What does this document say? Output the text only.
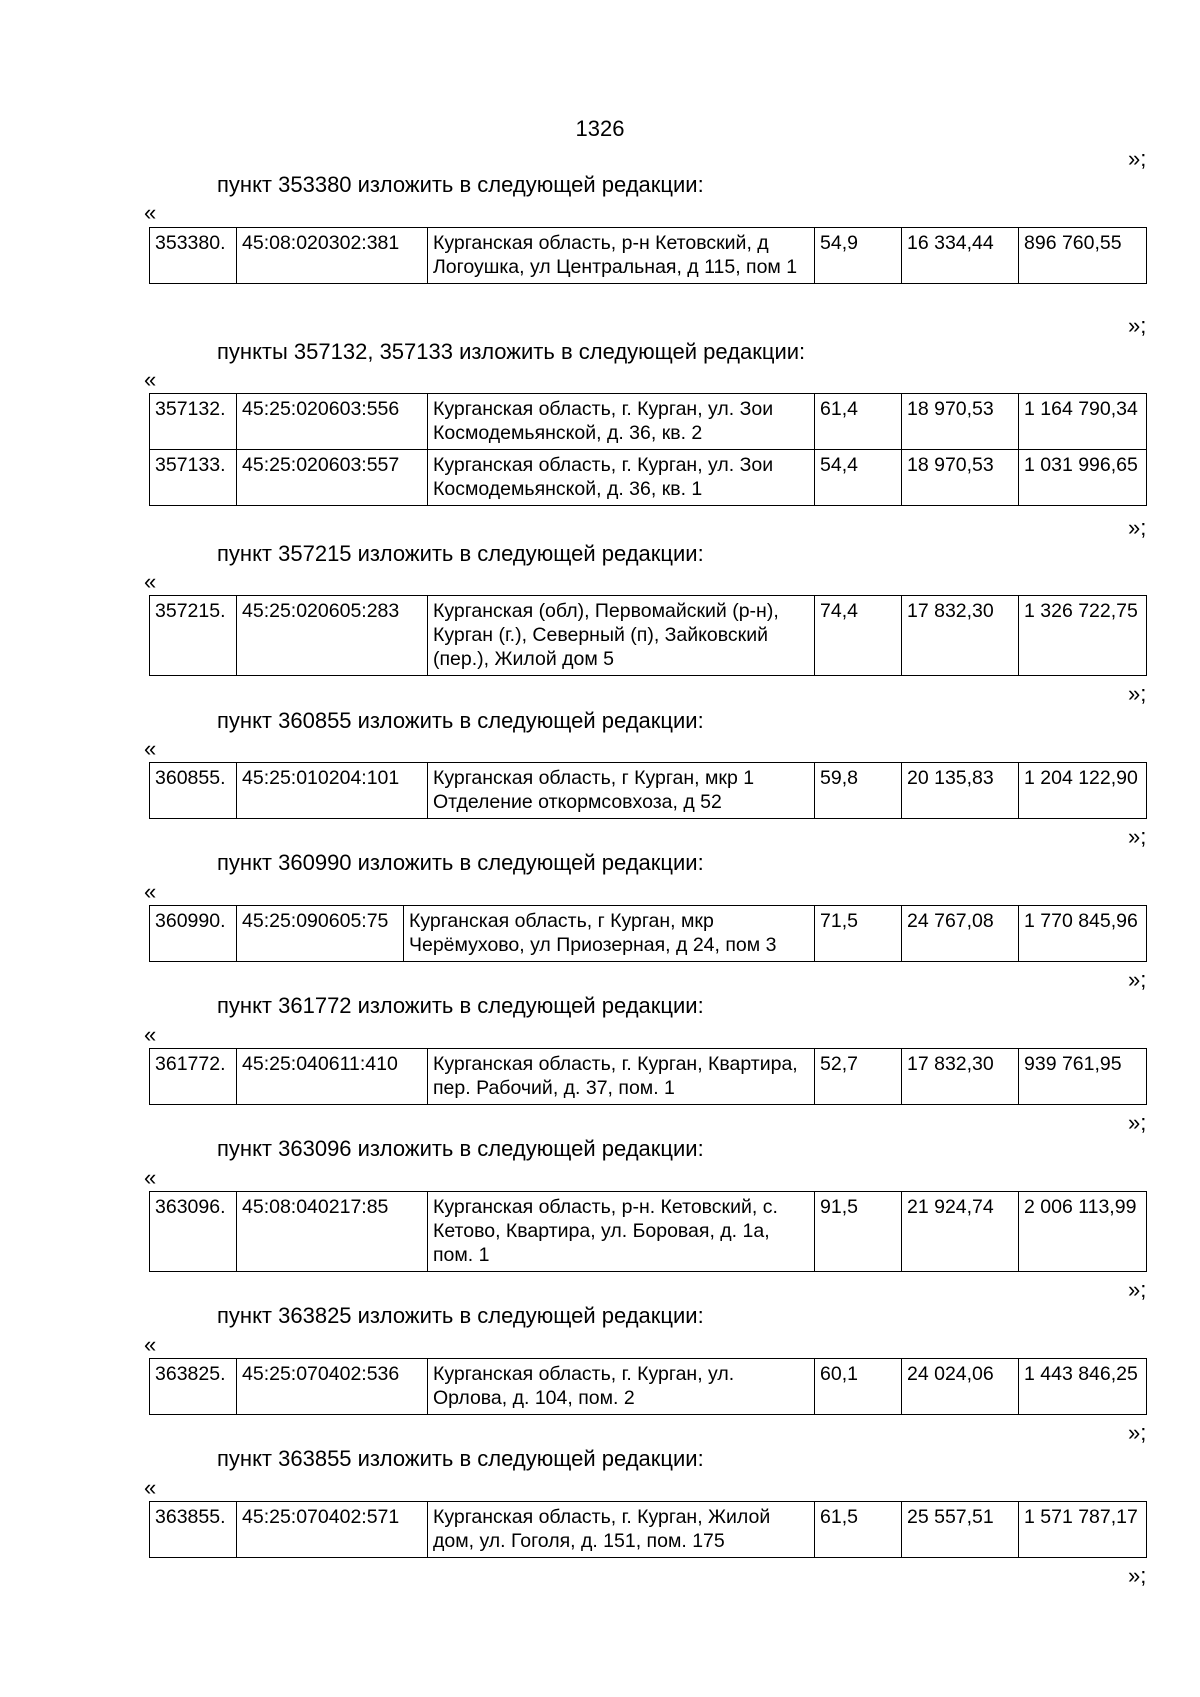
1326
»;
пункт 353380 изложить в следующей редакции:
«
353380.	45:08:020302:381	Курганская область, р-н Кетовский, д Логоушка, ул Центральная, д 115, пом 1	54,9	16 334,44	896 760,55
»;
пункты 357132, 357133 изложить в следующей редакции:
«
357132.	45:25:020603:556	Курганская область, г. Курган, ул. Зои Космодемьянской, д. 36, кв. 2	61,4	18 970,53	1 164 790,34
357133.	45:25:020603:557	Курганская область, г. Курган, ул. Зои Космодемьянской, д. 36, кв. 1	54,4	18 970,53	1 031 996,65
»;
пункт 357215 изложить в следующей редакции:
«
357215.	45:25:020605:283	Курганская (обл), Первомайский (р-н), Курган (г.), Северный (п), Зайковский (пер.), Жилой дом 5	74,4	17 832,30	1 326 722,75
»;
пункт 360855 изложить в следующей редакции:
«
360855.	45:25:010204:101	Курганская область, г Курган, мкр 1 Отделение откормсовхоза, д 52	59,8	20 135,83	1 204 122,90
»;
пункт 360990 изложить в следующей редакции:
«
360990.	45:25:090605:75	Курганская область, г Курган, мкр Черёмухово, ул Приозерная, д 24, пом 3	71,5	24 767,08	1 770 845,96
»;
пункт 361772 изложить в следующей редакции:
«
361772.	45:25:040611:410	Курганская область, г. Курган, Квартира, пер. Рабочий, д. 37, пом. 1	52,7	17 832,30	939 761,95
»;
пункт 363096 изложить в следующей редакции:
«
363096.	45:08:040217:85	Курганская область, р-н. Кетовский, с. Кетово, Квартира, ул. Боровая, д. 1а, пом. 1	91,5	21 924,74	2 006 113,99
»;
пункт 363825 изложить в следующей редакции:
«
363825.	45:25:070402:536	Курганская область, г. Курган, ул. Орлова, д. 104, пом. 2	60,1	24 024,06	1 443 846,25
»;
пункт 363855 изложить в следующей редакции:
«
363855.	45:25:070402:571	Курганская область, г. Курган, Жилой дом, ул. Гоголя, д. 151, пом. 175	61,5	25 557,51	1 571 787,17
»;
